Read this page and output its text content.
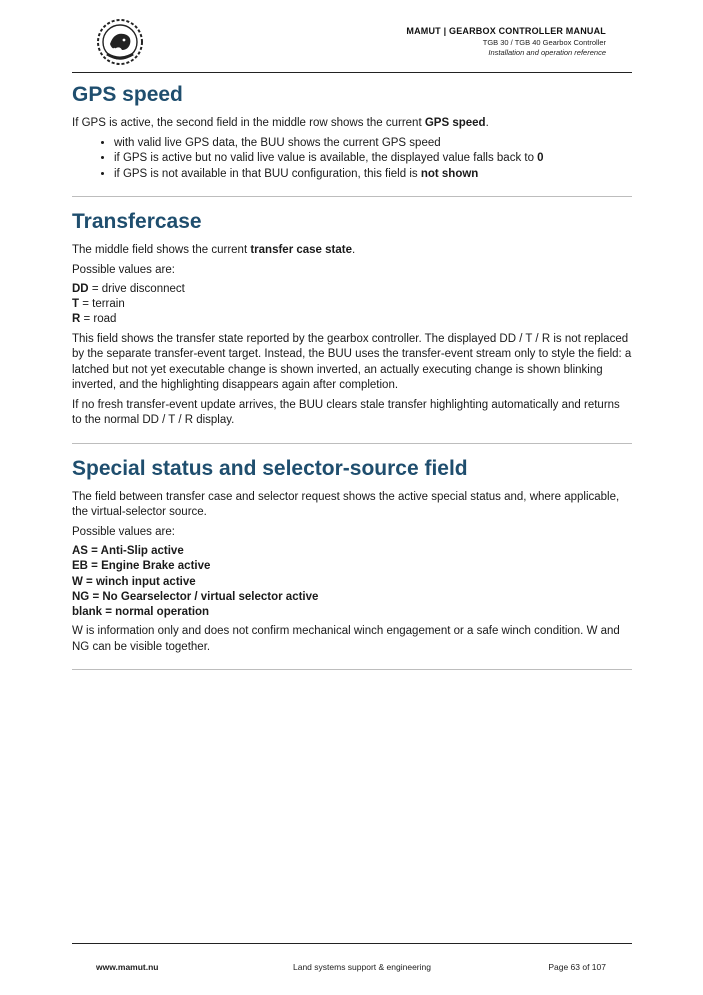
MAMUT | GEARBOX CONTROLLER MANUAL
TGB 30 / TGB 40 Gearbox Controller
Installation and operation reference
GPS speed

If GPS is active, the second field in the middle row shows the current GPS speed.

• with valid live GPS data, the BUU shows the current GPS speed
• if GPS is active but no valid live value is available, the displayed value falls back to 0
• if GPS is not available in that BUU configuration, this field is not shown
Transfercase

The middle field shows the current transfer case state.

Possible values are:

DD = drive disconnect
T = terrain
R = road

This field shows the transfer state reported by the gearbox controller. The displayed DD / T / R is not replaced by the separate transfer-event target. Instead, the BUU uses the transfer-event stream only to style the field: a latched but not yet executable change is shown inverted, an actually executing change is shown blinking inverted, and the highlighting disappears again after completion.

If no fresh transfer-event update arrives, the BUU clears stale transfer highlighting automatically and returns to the normal DD / T / R display.

Special status and selector-source field

The field between transfer case and selector request shows the active special status and, where applicable, the virtual-selector source.

Possible values are:

AS = Anti-Slip active
EB = Engine Brake active
W = winch input active
NG = No Gearselector / virtual selector active
blank = normal operation

W is information only and does not confirm mechanical winch engagement or a safe winch condition. W and NG can be visible together.

www.mamut.nu	Land systems support & engineering	Page 63 of 107
